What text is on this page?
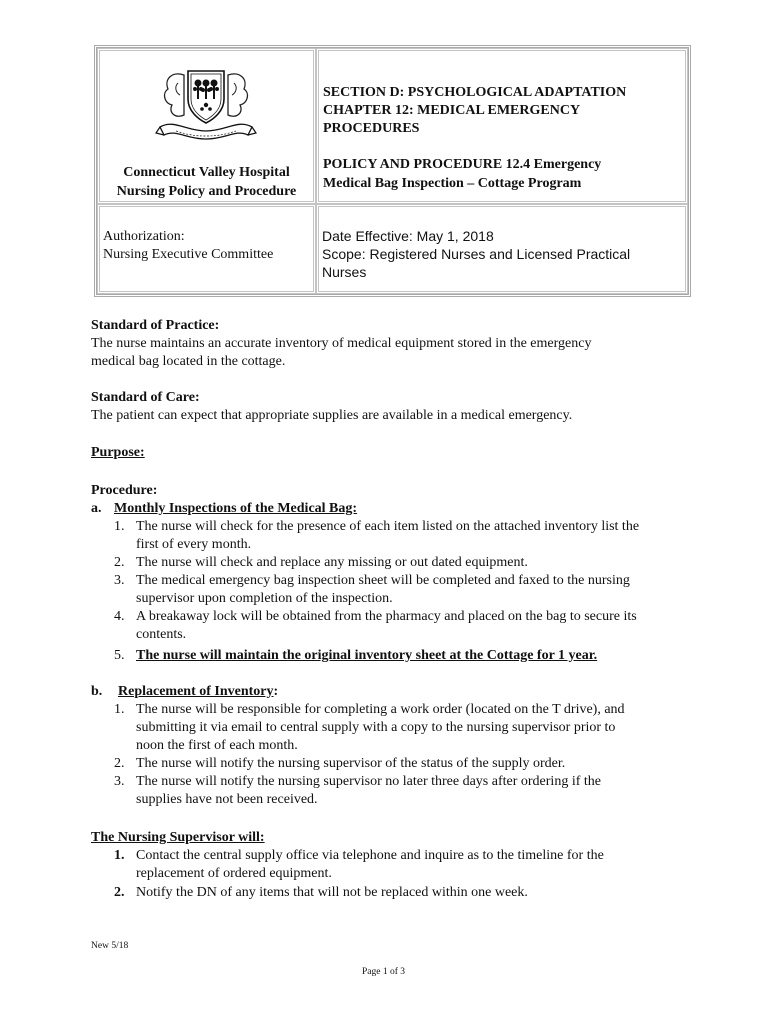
Connecticut Valley Hospital
Nursing Policy and Procedure
SECTION D: PSYCHOLOGICAL ADAPTATION
CHAPTER 12: MEDICAL EMERGENCY
PROCEDURES
POLICY AND PROCEDURE 12.4 Emergency
Medical Bag Inspection – Cottage Program
Authorization:
Nursing Executive Committee
Date Effective: May 1, 2018
Scope: Registered Nurses and Licensed Practical
Nurses
Standard of Practice:
The nurse maintains an accurate inventory of medical equipment stored in the emergency
medical bag located in the cottage.
Standard of Care:
The patient can expect that appropriate supplies are available in a medical emergency.
Purpose:
Procedure:
a. Monthly Inspections of the Medical Bag:
1. The nurse will check for the presence of each item listed on the attached inventory list the
first of every month.
2. The nurse will check and replace any missing or out dated equipment.
3. The medical emergency bag inspection sheet will be completed and faxed to the nursing
supervisor upon completion of the inspection.
4. A breakaway lock will be obtained from the pharmacy and placed on the bag to secure its
contents.
5. The nurse will maintain the original inventory sheet at the Cottage for 1 year.
b. Replacement of Inventory:
1. The nurse will be responsible for completing a work order (located on the T drive), and
submitting it via email to central supply with a copy to the nursing supervisor prior to
noon the first of each month.
2. The nurse will notify the nursing supervisor of the status of the supply order.
3. The nurse will notify the nursing supervisor no later three days after ordering if the
supplies have not been received.
The Nursing Supervisor will:
1. Contact the central supply office via telephone and inquire as to the timeline for the
replacement of ordered equipment.
2. Notify the DN of any items that will not be replaced within one week.
New 5/18
Page 1 of 3
